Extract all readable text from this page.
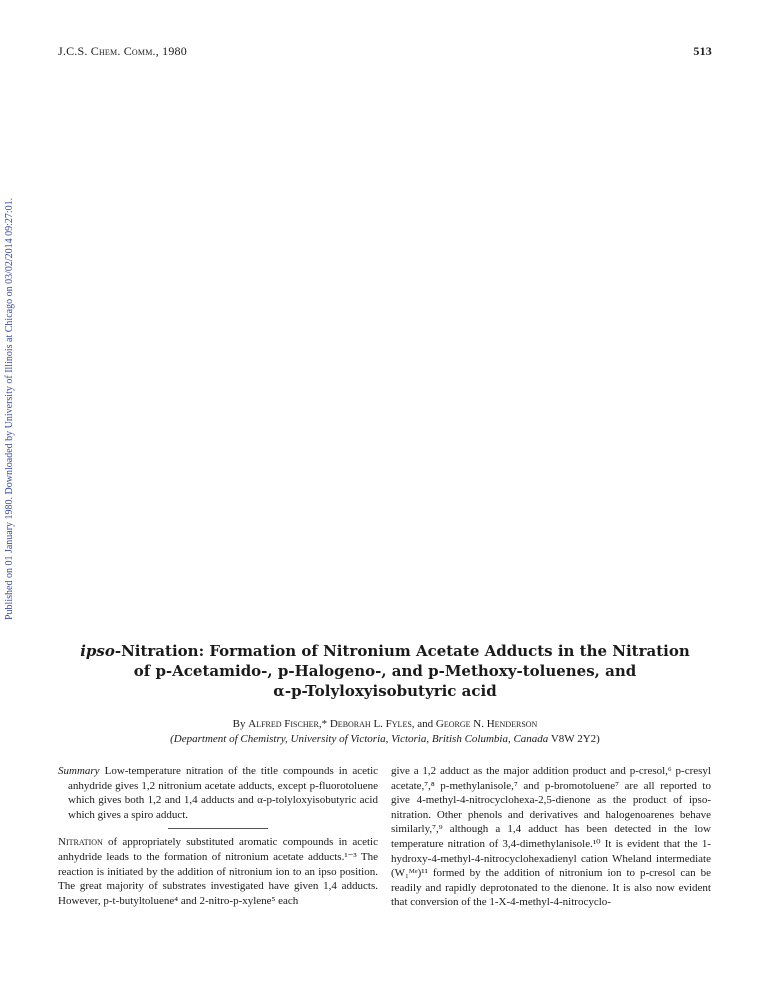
Published on 01 January 1980. Downloaded by University of Illinois at Chicago on 03/02/2014 09:27:01.
J.C.S. Chem. Comm., 1980	513
ipso-Nitration: Formation of Nitronium Acetate Adducts in the Nitration
of p-Acetamido-, p-Halogeno-, and p-Methoxy-toluenes, and
α-p-Tolyloxyisobutyric acid
By Alfred Fischer,* Deborah L. Fyles, and George N. Henderson
(Department of Chemistry, University of Victoria, Victoria, British Columbia, Canada V8W 2Y2)

Summary Low-temperature nitration of the title compounds in acetic anhydride gives 1,2 nitronium acetate adducts, except p-fluorotoluene which gives both 1,2 and 1,4 adducts and α-p-tolyloxyisobutyric acid which gives a spiro adduct.

Nitration of appropriately substituted aromatic compounds in acetic anhydride leads to the formation of nitronium acetate adducts.¹⁻³ The reaction is initiated by the addition of nitronium ion to an ipso position. The great majority of substrates investigated have given 1,4 adducts. However, p-t-butyltoluene⁴ and 2-nitro-p-xylene⁵ each

give a 1,2 adduct as the major addition product and p-cresol,⁶ p-cresyl acetate,⁷,⁸ p-methylanisole,⁷ and p-bromotoluene⁷ are all reported to give 4-methyl-4-nitrocyclohexa-2,5-dienone as the product of ipso-nitration. Other phenols and derivatives and halogenoarenes behave similarly,⁷,⁹ although a 1,4 adduct has been detected in the low temperature nitration of 3,4-dimethylanisole.¹⁰ It is evident that the 1-hydroxy-4-methyl-4-nitrocyclohexadienyl cation Wheland intermediate (W₁ᴹᵉ)¹¹ formed by the addition of nitronium ion to p-cresol can be readily and rapidly deprotonated to the dienone. It is also now evident that conversion of the 1-X-4-methyl-4-nitrocyclo-
